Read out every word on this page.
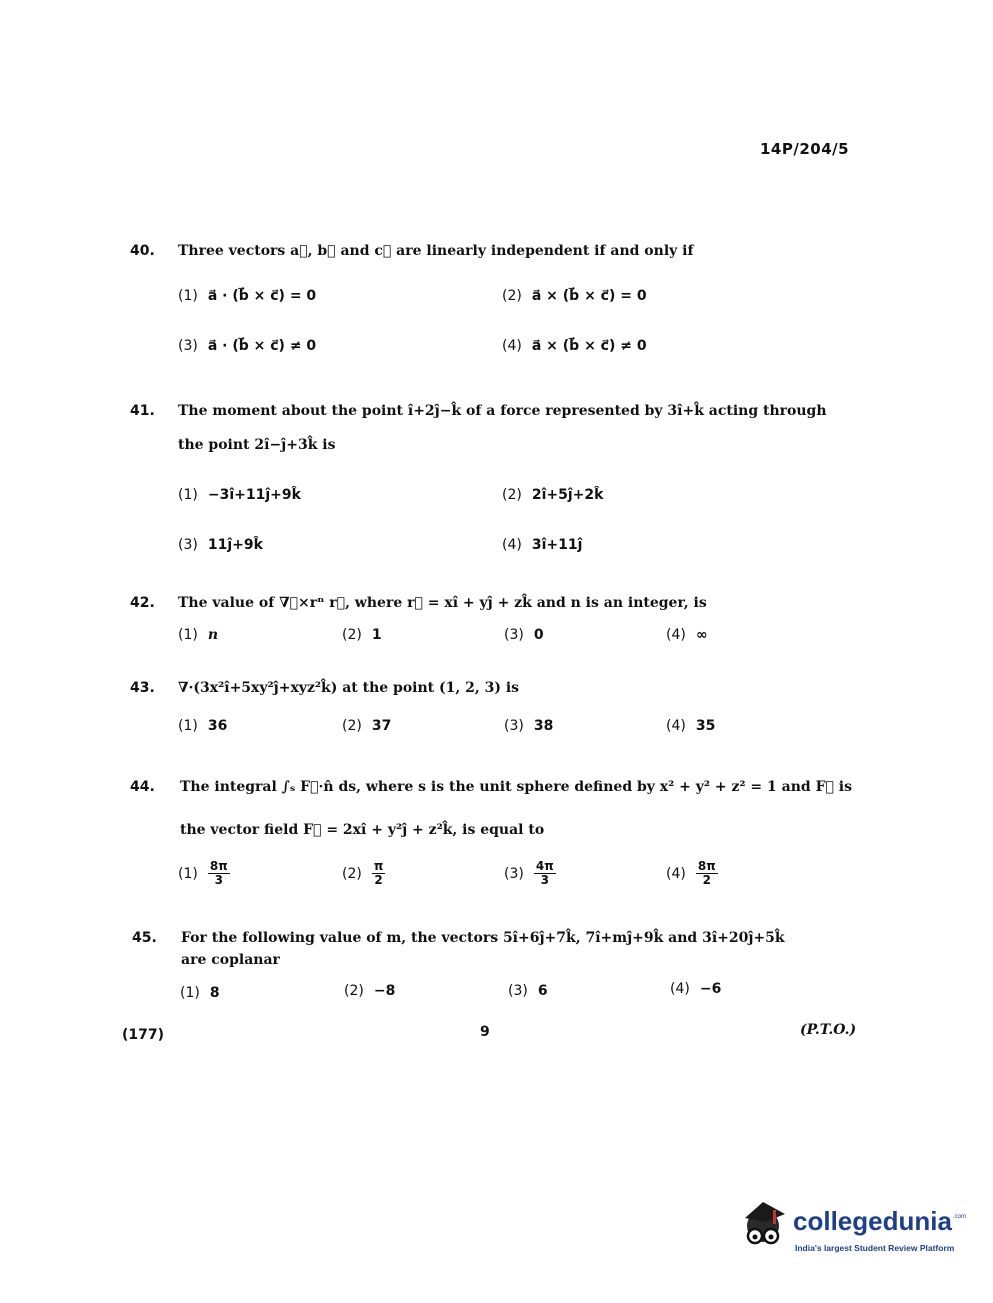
14P/204/5
40. Three vectors a⃗, b⃗ and c⃗ are linearly independent if and only if
(1) a⃗ · (b⃗ × c⃗) = 0	(2) a⃗ × (b⃗ × c⃗) = 0
(3) a⃗ · (b⃗ × c⃗) ≠ 0	(4) a⃗ × (b⃗ × c⃗) ≠ 0
41. The moment about the point î+2ĵ−k̂ of a force represented by 3î+k̂ acting through
the point 2î−ĵ+3k̂ is
(1) −3î+11ĵ+9k̂	(2) 2î+5ĵ+2k̂
(3) 11ĵ+9k̂	(4) 3î+11ĵ
42. The value of ∇⃗×rⁿ r⃗, where r⃗ = xî + yĵ + zk̂ and n is an integer, is
(1) n	(2) 1	(3) 0	(4) ∞
43. ∇·(3x²î+5xy²ĵ+xyz²k̂) at the point (1, 2, 3) is
(1) 36	(2) 37	(3) 38	(4) 35
44. The integral ∫ₛ F⃗·n̂ ds, where s is the unit sphere defined by x² + y² + z² = 1 and F⃗ is
the vector field F⃗ = 2xî + y²ĵ + z²k̂, is equal to
$(1) \frac{8\pi}{3}$	$(2) \frac{\pi}{2}$	$(3) \frac{4\pi}{3}$	$(4) \frac{8\pi}{2}$
45. For the following value of m, the vectors 5î+6ĵ+7k̂, 7î+mĵ+9k̂ and 3î+20ĵ+5k̂
are coplanar
(1) 8	(2) −8	(3) 6	(4) −6
(177)	9	(P.T.O.)
collegedunia .com
India's largest Student Review Platform
